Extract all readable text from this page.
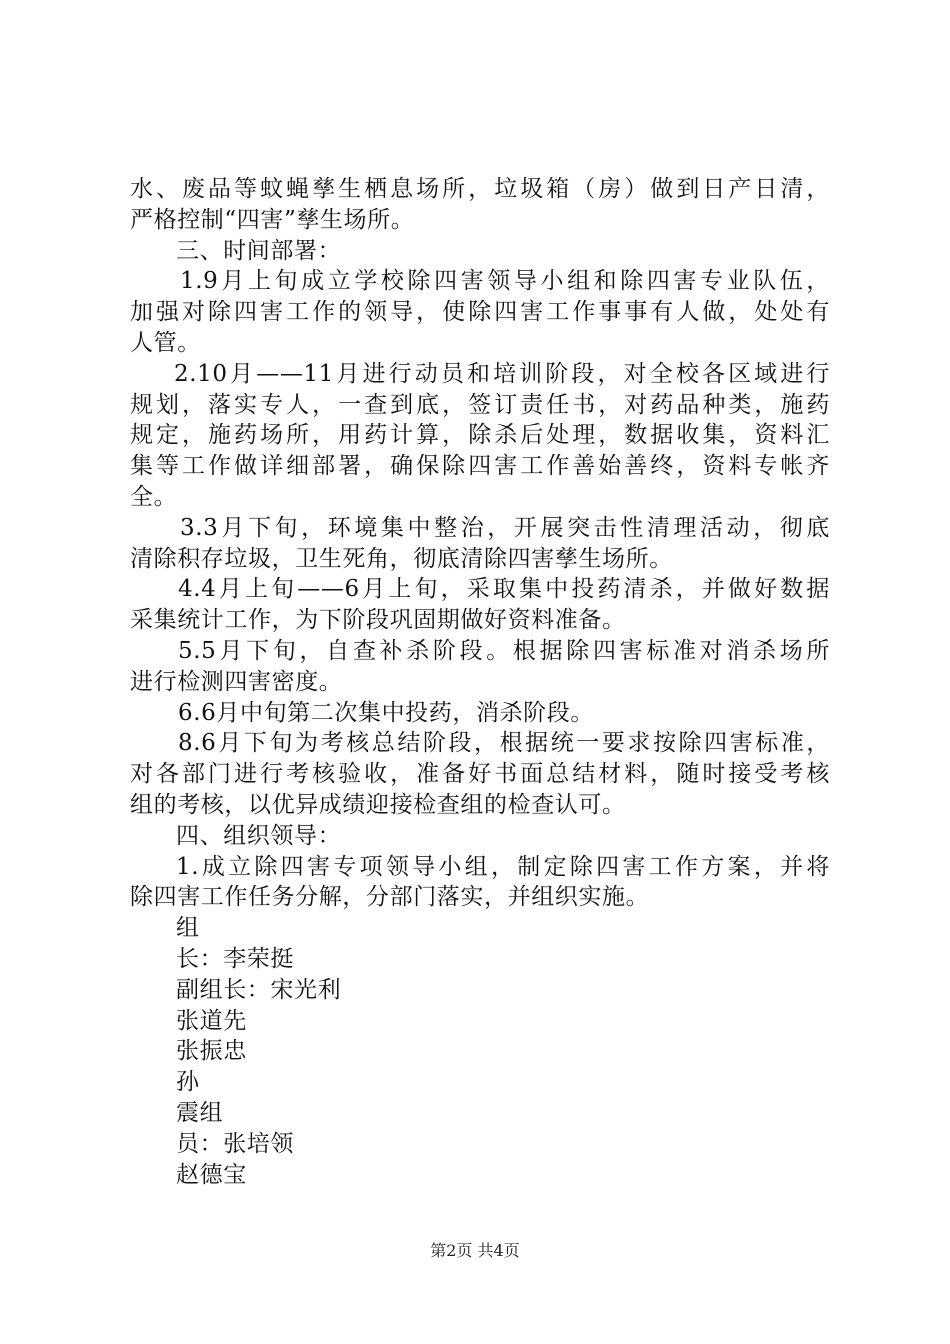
水、废品等蚊蝇孳生栖息场所，垃圾箱（房）做到日产日清，
严格控制“四害”孳生场所。
三、时间部署：
1.9月上旬成立学校除四害领导小组和除四害专业队伍，
加强对除四害工作的领导，使除四害工作事事有人做，处处有
人管。
2.10月——11月进行动员和培训阶段，对全校各区域进行
规划，落实专人，一查到底，签订责任书，对药品种类，施药
规定，施药场所，用药计算，除杀后处理，数据收集，资料汇
集等工作做详细部署，确保除四害工作善始善终，资料专帐齐
全。
3.3月下旬，环境集中整治，开展突击性清理活动，彻底
清除积存垃圾，卫生死角，彻底清除四害孳生场所。
4.4月上旬——6月上旬，采取集中投药清杀，并做好数据
采集统计工作，为下阶段巩固期做好资料准备。
5.5月下旬，自查补杀阶段。根据除四害标准对消杀场所
进行检测四害密度。
6.6月中旬第二次集中投药，消杀阶段。
8.6月下旬为考核总结阶段，根据统一要求按除四害标准，
对各部门进行考核验收，准备好书面总结材料，随时接受考核
组的考核，以优异成绩迎接检查组的检查认可。
四、组织领导：
1.成立除四害专项领导小组，制定除四害工作方案，并将
除四害工作任务分解，分部门落实，并组织实施。
组
长：李荣挺
副组长：宋光利
张道先
张振忠
孙
震组
员：张培领
赵德宝
第2页 共4页
